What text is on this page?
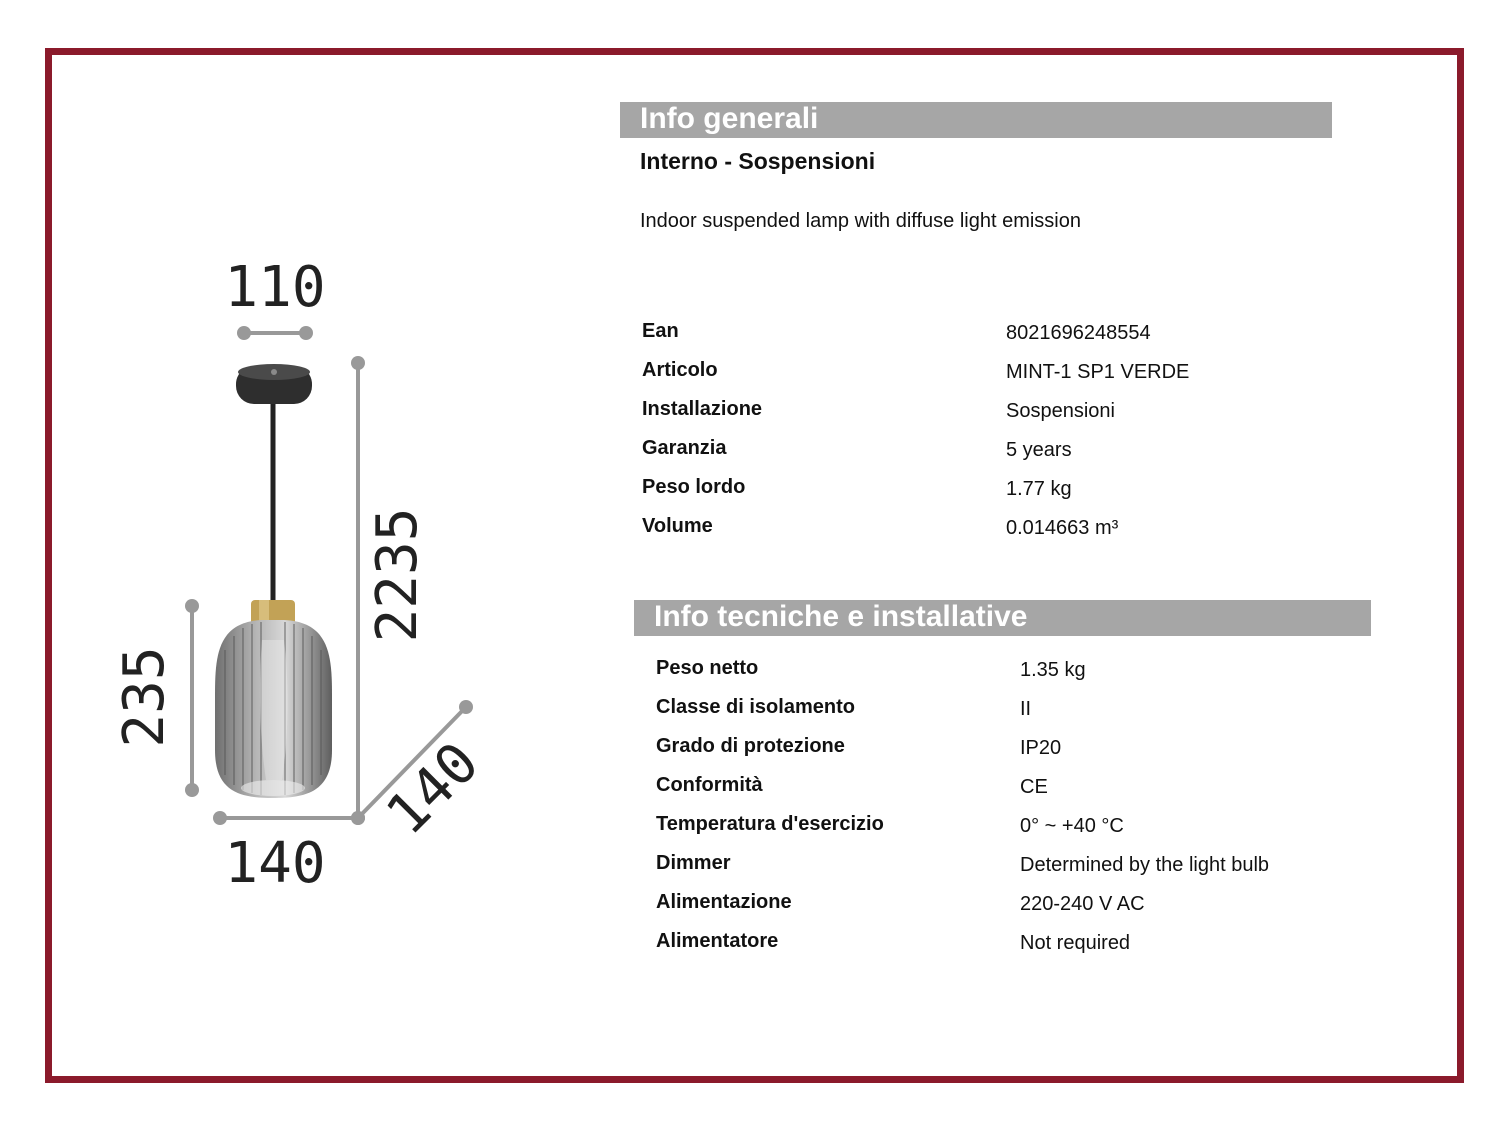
110
2235
235
140
140
Info generali
Interno - Sospensioni
Indoor suspended lamp with diffuse light emission
Ean	8021696248554
Articolo	MINT-1 SP1 VERDE
Installazione	Sospensioni
Garanzia	5 years
Peso lordo	1.77 kg
Volume	0.014663 m³
Info tecniche e installative
Peso netto	1.35 kg
Classe di isolamento	II
Grado di protezione	IP20
Conformità	CE
Temperatura d'esercizio	0° ~ +40 °C
Dimmer	Determined by the light bulb
Alimentazione	220-240 V AC
Alimentatore	Not required
